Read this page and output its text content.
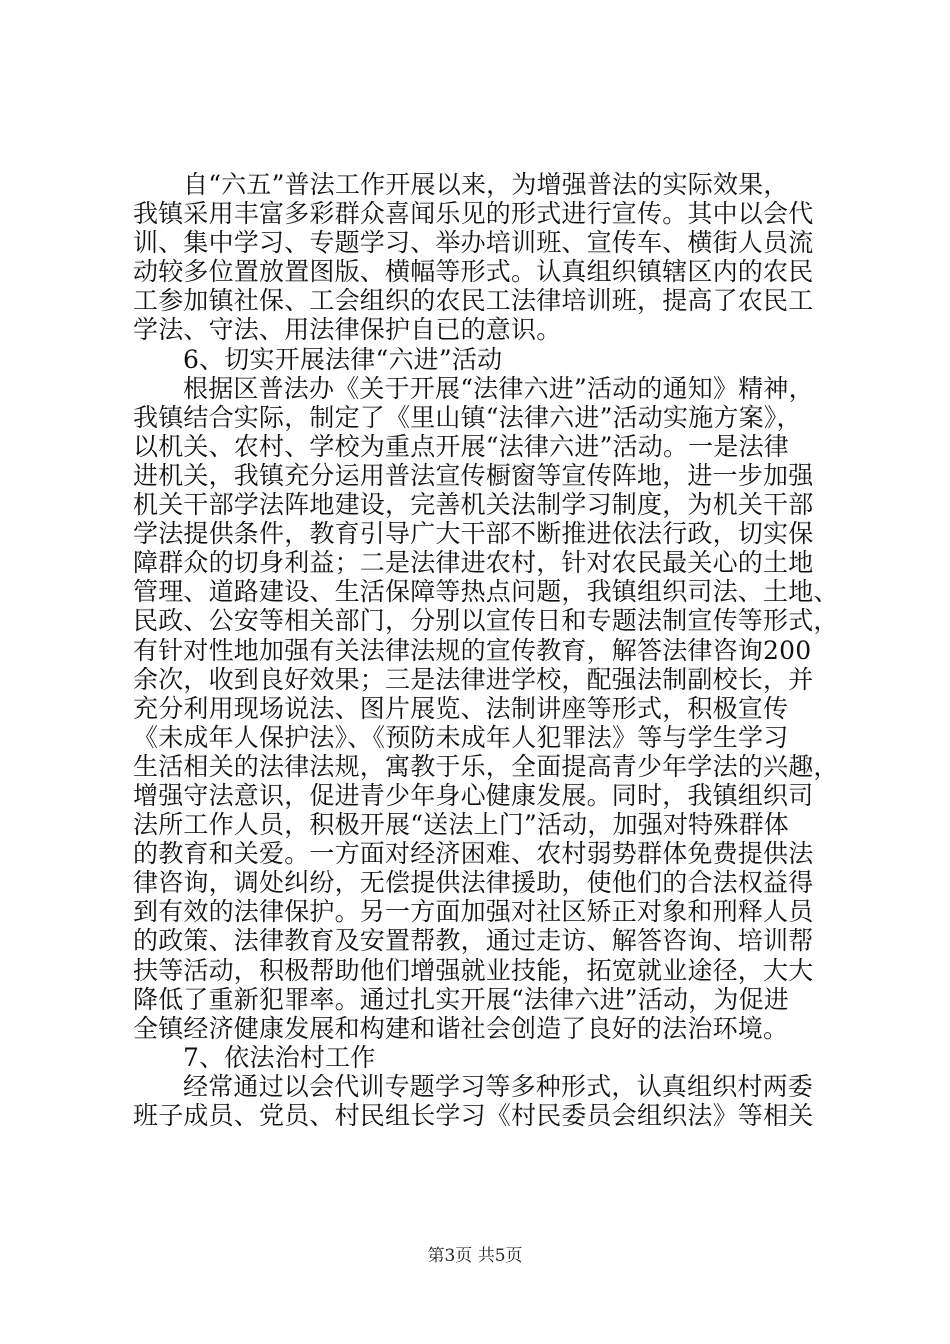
自“六五”普法工作开展以来，为增强普法的实际效果，
我镇采用丰富多彩群众喜闻乐见的形式进行宣传。其中以会代
训、集中学习、专题学习、举办培训班、宣传车、横街人员流
动较多位置放置图版、横幅等形式。认真组织镇辖区内的农民
工参加镇社保、工会组织的农民工法律培训班，提高了农民工
学法、守法、用法律保护自已的意识。
6、切实开展法律“六进”活动
根据区普法办《关于开展“法律六进”活动的通知》精神，
我镇结合实际，制定了《里山镇“法律六进”活动实施方案》，
以机关、农村、学校为重点开展“法律六进”活动。一是法律
进机关，我镇充分运用普法宣传橱窗等宣传阵地，进一步加强
机关干部学法阵地建设，完善机关法制学习制度，为机关干部
学法提供条件，教育引导广大干部不断推进依法行政，切实保
障群众的切身利益；二是法律进农村，针对农民最关心的土地
管理、道路建设、生活保障等热点问题，我镇组织司法、土地、
民政、公安等相关部门，分别以宣传日和专题法制宣传等形式，
有针对性地加强有关法律法规的宣传教育，解答法律咨询200
余次，收到良好效果；三是法律进学校，配强法制副校长，并
充分利用现场说法、图片展览、法制讲座等形式，积极宣传
《未成年人保护法》、《预防未成年人犯罪法》等与学生学习
生活相关的法律法规，寓教于乐，全面提高青少年学法的兴趣，
增强守法意识，促进青少年身心健康发展。同时，我镇组织司
法所工作人员，积极开展“送法上门”活动，加强对特殊群体
的教育和关爱。一方面对经济困难、农村弱势群体免费提供法
律咨询，调处纠纷，无偿提供法律援助，使他们的合法权益得
到有效的法律保护。另一方面加强对社区矫正对象和刑释人员
的政策、法律教育及安置帮教，通过走访、解答咨询、培训帮
扶等活动，积极帮助他们增强就业技能，拓宽就业途径，大大
降低了重新犯罪率。通过扎实开展“法律六进”活动，为促进
全镇经济健康发展和构建和谐社会创造了良好的法治环境。
7、依法治村工作
经常通过以会代训专题学习等多种形式，认真组织村两委
班子成员、党员、村民组长学习《村民委员会组织法》等相关
第3页 共5页
